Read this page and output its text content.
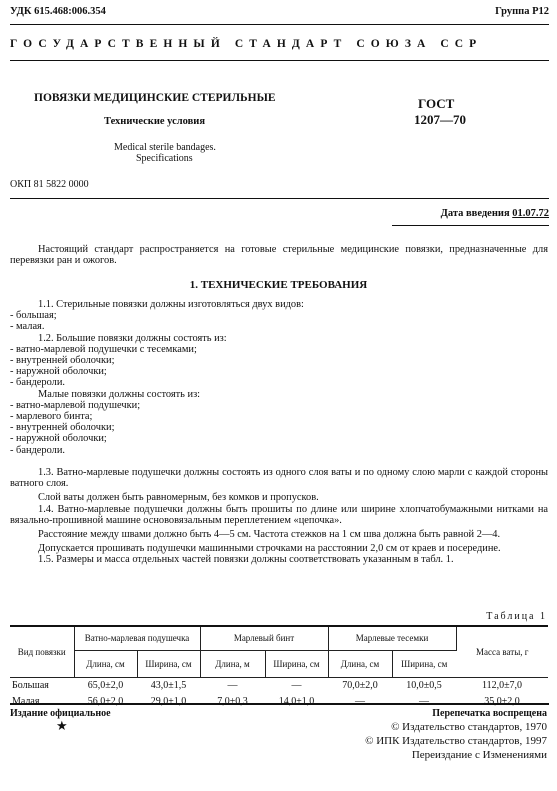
УДК 615.468:006.354	Группа Р12
ГОСУДАРСТВЕННЫЙ СТАНДАРТ СОЮЗА ССР
ПОВЯЗКИ МЕДИЦИНСКИЕ СТЕРИЛЬНЫЕ
Технические условия
Medical sterile bandages.
Specifications
ГОСТ
1207—70
ОКП 81 5822 0000
Дата введения 01.07.72

Настоящий стандарт распространяется на готовые стерильные медицинские повязки, предназначенные для перевязки ран и ожогов.

1. ТЕХНИЧЕСКИЕ ТРЕБОВАНИЯ

1.1. Стерильные повязки должны изготовляться двух видов:

- большая;

- малая.

1.2. Большие повязки должны состоять из:

- ватно-марлевой подушечки с тесемками;

- внутренней оболочки;

- наружной оболочки;

- бандероли.

Малые повязки должны состоять из:

- ватно-марлевой подушечки;

- марлевого бинта;

- внутренней оболочки;

- наружной оболочки;

- бандероли.

1.3. Ватно-марлевые подушечки должны состоять из одного слоя ваты и по одному слою марли с каждой стороны ватного слоя.

Слой ваты должен быть равномерным, без комков и пропусков.

1.4. Ватно-марлевые подушечки должны быть прошиты по длине или ширине хлопчатобумажными нитками на вязально-прошивной машине основовязальным переплетением «цепочка».

Расстояние между швами должно быть 4—5 см. Частота стежков на 1 см шва должна быть равной 2—4.

Допускается прошивать подушечки машинными строчками на расстоянии 2,0 см от краев и посередине.

1.5. Размеры и масса отдельных частей повязки должны соответствовать указанным в табл. 1.

Таблица 1
Вид повязки	Ватно-марлевая подушечка		Марлевый бинт		Марлевые тесемки		Масса ваты, г
	Длина, см	Ширина, см	Длина, м	Ширина, см	Длина, см	Ширина, см	
Большая	65,0±2,0	43,0±1,5	—	—	70,0±2,0	10,0±0,5	112,0±7,0
Малая	56,0±2,0	29,0±1,0	7,0±0,3	14,0±1,0	—	—	35,0±2,0
Издание официальное
★
Перепечатка воспрещена
© Издательство стандартов, 1970
© ИПК Издательство стандартов, 1997
Переиздание с Изменениями
